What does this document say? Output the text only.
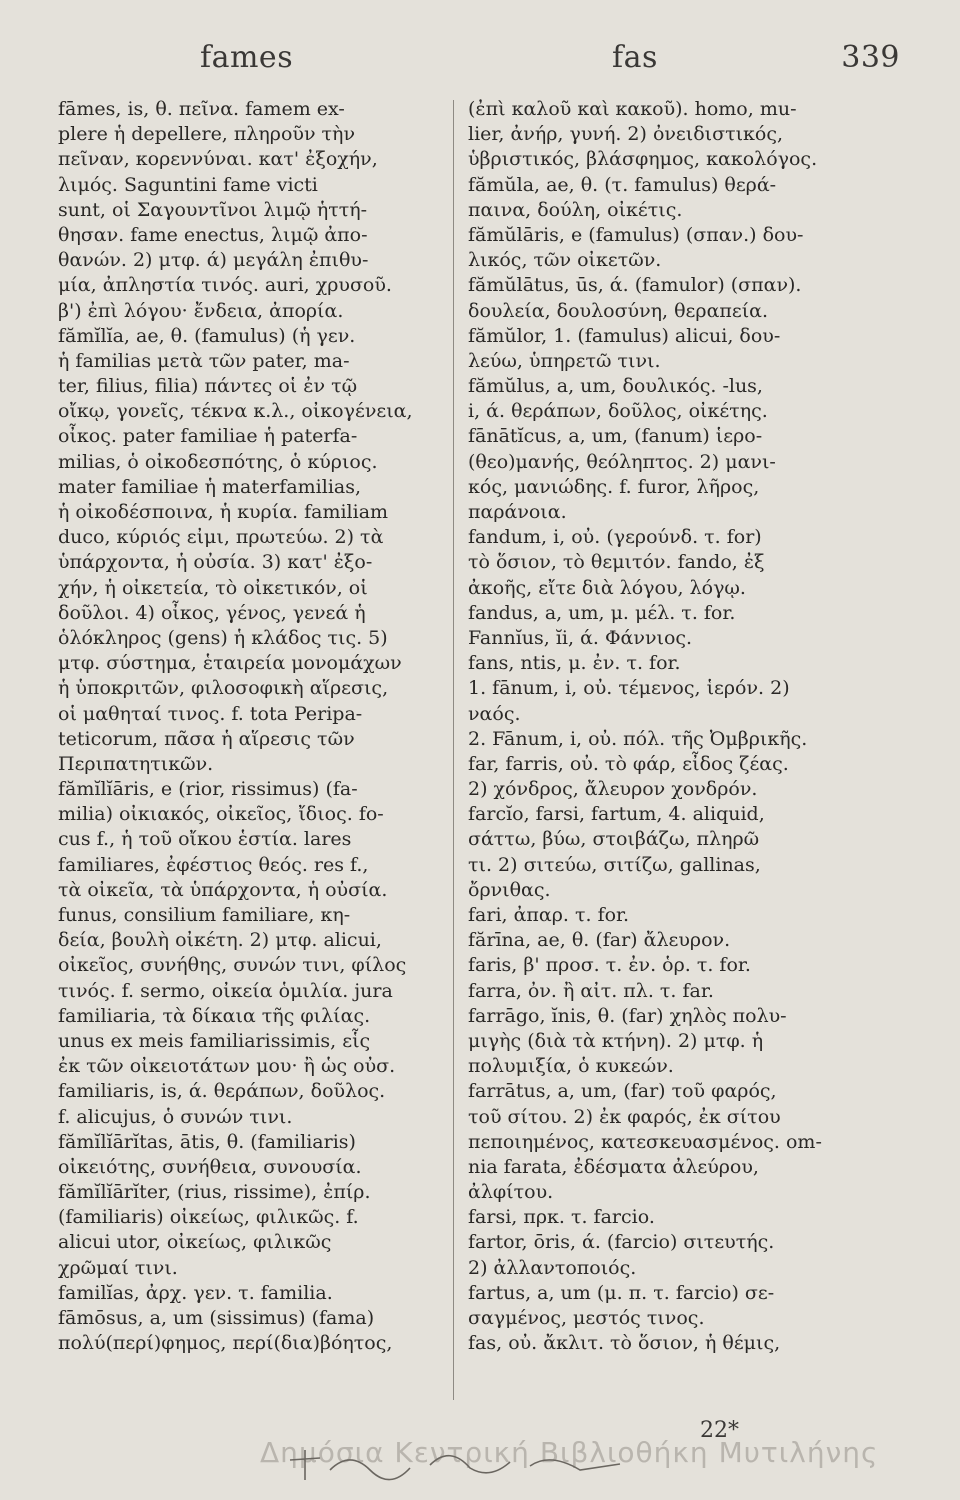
fames	fas	339
fāmes, is, θ. πεῖνα. famem ex-
plere ἡ depellere, πληροῦν τὴν
πεῖναν, κορεννύναι. κατ' ἐξοχήν,
λιμός. Saguntini fame victi
sunt, οἱ Σαγουντῖνοι λιμῷ ἡττή-
θησαν. fame enectus, λιμῷ ἀπο-
θανών. 2) μτφ. ά) μεγάλη ἐπιθυ-
μία, ἀπληστία τινός. auri, χρυσοῦ.
β') ἐπὶ λόγου· ἔνδεια, ἀπορία.
fămĭlĭa, ae, θ. (famulus) (ἡ γεν.
ἡ familias μετὰ τῶν pater, ma-
ter, filius, filia) πάντες οἱ ἐν τῷ
οἴκῳ, γονεῖς, τέκνα κ.λ., οἰκογένεια,
οἶκος. pater familiae ἡ paterfa-
milias, ὁ οἰκοδεσπότης, ὁ κύριος.
mater familiae ἡ materfamilias,
ἡ οἰκοδέσποινα, ἡ κυρία. familiam
duco, κύριός εἰμι, πρωτεύω. 2) τὰ
ὑπάρχοντα, ἡ οὐσία. 3) κατ' ἐξο-
χήν, ἡ οἰκετεία, τὸ οἰκετικόν, οἱ
δοῦλοι. 4) οἶκος, γένος, γενεά ἡ
ὁλόκληρος (gens) ἡ κλάδος τις. 5)
μτφ. σύστημα, ἑταιρεία μονομάχων
ἡ ὑποκριτῶν, φιλοσοφικὴ αἵρεσις,
οἱ μαθηταί τινος. f. tota Peripa-
teticorum, πᾶσα ἡ αἵρεσις τῶν
Περιπατητικῶν.
fămĭlĭāris, e (rior, rissimus) (fa-
milia) οἰκιακός, οἰκεῖος, ἴδιος. fo-
cus f., ἡ τοῦ οἴκου ἑστία. lares
familiares, ἐφέστιος θεός. res f.,
τὰ οἰκεῖα, τὰ ὑπάρχοντα, ἡ οὐσία.
funus, consilium familiare, κη-
δεία, βουλὴ οἰκέτη. 2) μτφ. alicui,
οἰκεῖος, συνήθης, συνών τινι, φίλος
τινός. f. sermo, οἰκεία ὁμιλία. jura
familiaria, τὰ δίκαια τῆς φιλίας.
unus ex meis familiarissimis, εἷς
ἐκ τῶν οἰκειοτάτων μου· ἢ ὡς οὐσ.
familiaris, is, ά. θεράπων, δοῦλος.
f. alicujus, ὁ συνών τινι.
fămĭlĭārĭtas, ātis, θ. (familiaris)
οἰκειότης, συνήθεια, συνουσία.
fămĭlĭārĭter, (rius, rissime), ἐπίρ.
(familiaris) οἰκείως, φιλικῶς. f.
alicui utor, οἰκείως, φιλικῶς
χρῶμαί τινι.
familĭas, ἀρχ. γεν. τ. familia.
fāmōsus, a, um (sissimus) (fama)
πολύ(περί)φημος, περί(δια)βόητος,
(ἐπὶ καλοῦ καὶ κακοῦ). homo, mu-
lier, ἀνήρ, γυνή. 2) ὀνειδιστικός,
ὑβριστικός, βλάσφημος, κακολόγος.
fămŭla, ae, θ. (τ. famulus) θερά-
παινα, δούλη, οἰκέτις.
fămŭlāris, e (famulus) (σπαν.) δου-
λικός, τῶν οἰκετῶν.
fămŭlātus, ūs, ά. (famulor) (σπαν).
δουλεία, δουλοσύνη, θεραπεία.
fămŭlor, 1. (famulus) alicui, δου-
λεύω, ὑπηρετῶ τινι.
fămŭlus, a, um, δουλικός. -lus,
i, ά. θεράπων, δοῦλος, οἰκέτης.
fānātĭcus, a, um, (fanum) ἱερο-
(θεο)μανής, θεόληπτος. 2) μανι-
κός, μανιώδης. f. furor, λῆρος,
παράνοια.
fandum, i, οὐ. (γερούνδ. τ. for)
τὸ ὅσιον, τὸ θεμιτόν. fando, ἐξ
ἀκοῆς, εἴτε διὰ λόγου, λόγῳ.
fandus, a, um, μ. μέλ. τ. for.
Fannĭus, ĭi, ά. Φάννιος.
fans, ntis, μ. ἐν. τ. for.
1. fānum, i, οὐ. τέμενος, ἱερόν. 2)
ναός.
2. Fānum, i, οὐ. πόλ. τῆς Ὀμβρικῆς.
far, farris, οὐ. τὸ φάρ, εἶδος ζέας.
2) χόνδρος, ἄλευρον χονδρόν.
farcĭo, farsi, fartum, 4. aliquid,
σάττω, βύω, στοιβάζω, πληρῶ
τι. 2) σιτεύω, σιτίζω, gallinas,
ὄρνιθας.
fari, ἀπαρ. τ. for.
fărīna, ae, θ. (far) ἄλευρον.
faris, β' προσ. τ. ἐν. ὁρ. τ. for.
farra, ὀν. ἢ αἰτ. πλ. τ. far.
farrāgo, ĭnis, θ. (far) χηλὸς πολυ-
μιγὴς (διὰ τὰ κτήνη). 2) μτφ. ἡ
πολυμιξία, ὁ κυκεών.
farrātus, a, um, (far) τοῦ φαρός,
τοῦ σίτου. 2) ἐκ φαρός, ἐκ σίτου
πεποιημένος, κατεσκευασμένος. om-
nia farata, ἐδέσματα ἀλεύρου,
ἀλφίτου.
farsi, πρκ. τ. farcio.
fartor, ōris, ά. (farcio) σιτευτής.
2) ἀλλαντοποιός.
fartus, a, um (μ. π. τ. farcio) σε-
σαγμένος, μεστός τινος.
fas, οὐ. ἄκλιτ. τὸ ὅσιον, ἡ θέμις,
Δημόσια Κεντρική Βιβλιοθήκη Μυτιλήνης
22*
